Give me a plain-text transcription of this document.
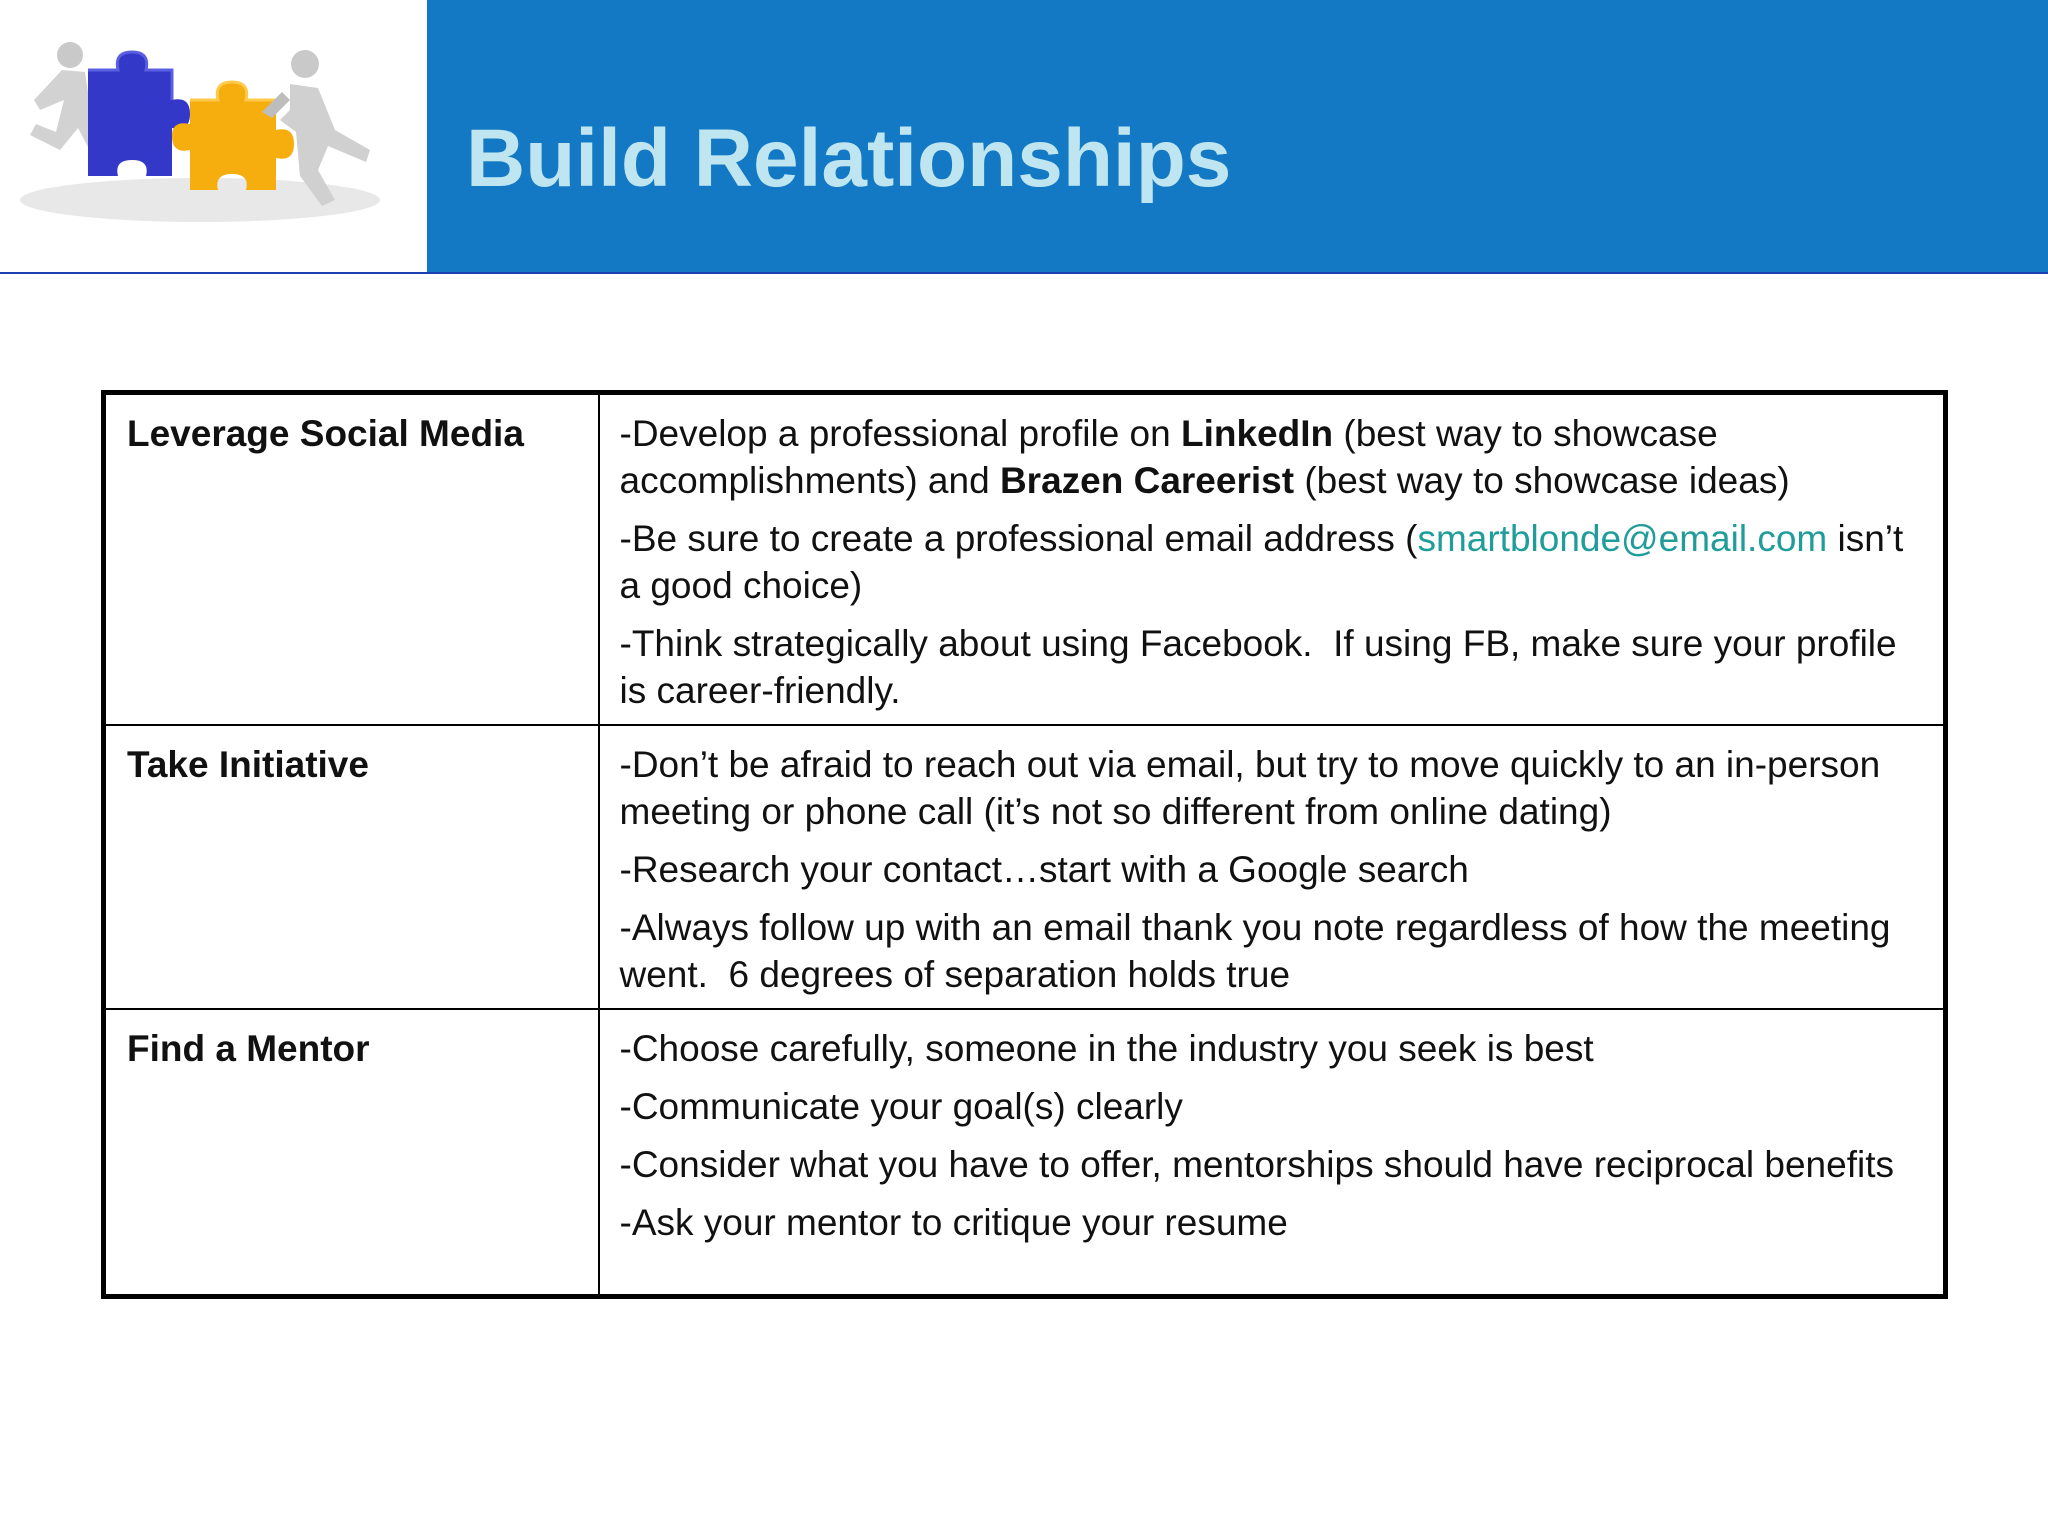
Build Relationships
Leverage Social Media	-Develop a professional profile on LinkedIn (best way to showcase accomplishments) and Brazen Careerist (best way to showcase ideas)

-Be sure to create a professional email address (smartblonde@email.com isn’t a good choice)

-Think strategically about using Facebook.  If using FB, make sure your profile is career-friendly.

Take Initiative	-Don’t be afraid to reach out via email, but try to move quickly to an in-person meeting or phone call (it’s not so different from online dating)

-Research your contact…start with a Google search

-Always follow up with an email thank you note regardless of how the meeting went.  6 degrees of separation holds true

Find a Mentor	-Choose carefully, someone in the industry you seek is best

-Communicate your goal(s) clearly

-Consider what you have to offer, mentorships should have reciprocal benefits

-Ask your mentor to critique your resume
